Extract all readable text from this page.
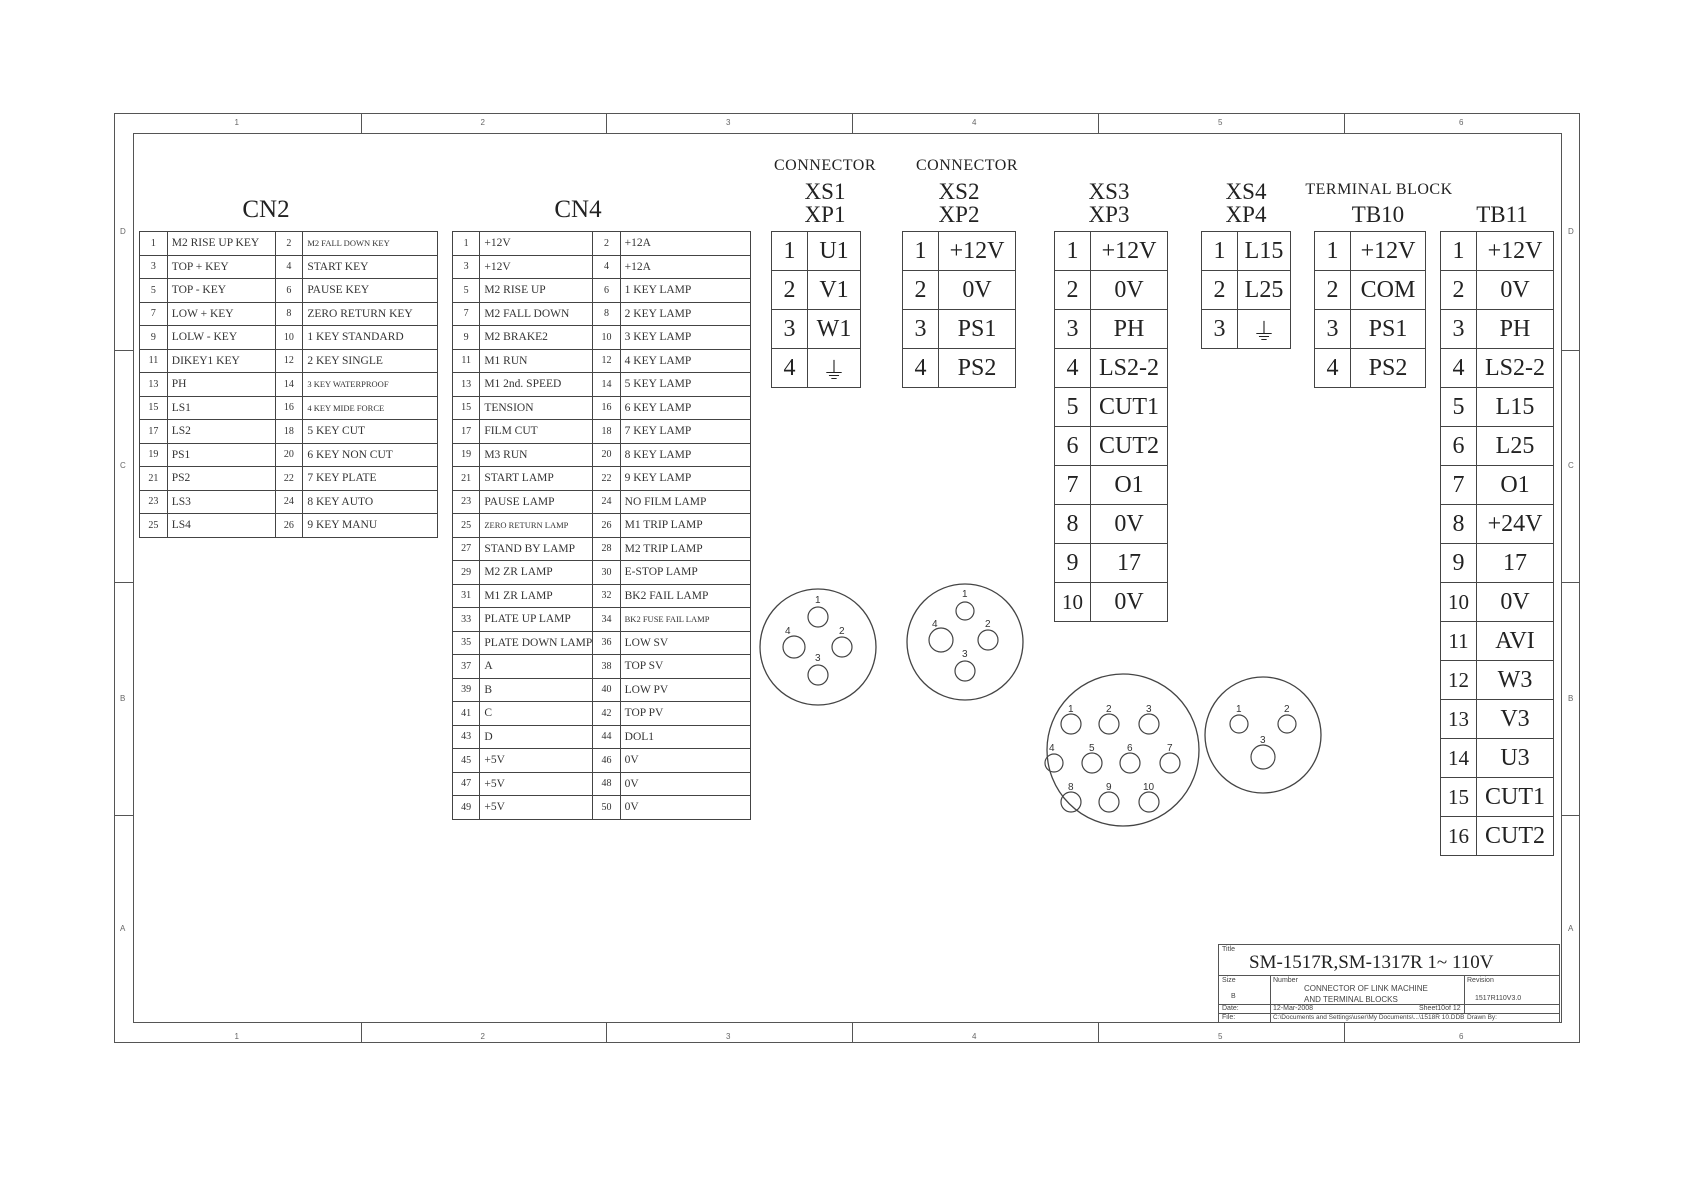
1
1
2
2
3
3
4
4
5
5
6
6
D	D
C	C
B	B
A	A
CN2
1	M2 RISE UP KEY	2	M2 FALL DOWN KEY
3	TOP + KEY	4	START KEY
5	TOP - KEY	6	PAUSE KEY
7	LOW + KEY	8	ZERO RETURN KEY
9	LOLW - KEY	10	1 KEY STANDARD
11	DIKEY1 KEY	12	2 KEY SINGLE
13	PH	14	3 KEY WATERPROOF
15	LS1	16	4 KEY MIDE FORCE
17	LS2	18	5 KEY CUT
19	PS1	20	6 KEY NON CUT
21	PS2	22	7 KEY PLATE
23	LS3	24	8 KEY AUTO
25	LS4	26	9 KEY MANU
CN4
1	+12V	2	+12A
3	+12V	4	+12A
5	M2 RISE UP	6	1 KEY LAMP
7	M2 FALL DOWN	8	2 KEY LAMP
9	M2 BRAKE2	10	3 KEY LAMP
11	M1 RUN	12	4 KEY LAMP
13	M1 2nd. SPEED	14	5 KEY LAMP
15	TENSION	16	6 KEY LAMP
17	FILM CUT	18	7 KEY LAMP
19	M3 RUN	20	8 KEY LAMP
21	START LAMP	22	9 KEY LAMP
23	PAUSE LAMP	24	NO FILM LAMP
25	ZERO RETURN LAMP	26	M1 TRIP LAMP
27	STAND BY LAMP	28	M2 TRIP LAMP
29	M2 ZR LAMP	30	E-STOP LAMP
31	M1 ZR LAMP	32	BK2 FAIL LAMP
33	PLATE UP LAMP	34	BK2 FUSE FAIL LAMP
35	PLATE DOWN LAMP	36	LOW SV
37	A	38	TOP SV
39	B	40	LOW PV
41	C	42	TOP PV
43	D	44	DOL1
45	+5V	46	0V
47	+5V	48	0V
49	+5V	50	0V
CONNECTOR
XS1
XP1
1	U1
2	V1
3	W1
4	⏚
CONNECTOR
XS2
XP2
1	+12V
2	0V
3	PS1
4	PS2
XS3
XP3
1	+12V
2	0V
3	PH
4	LS2-2
5	CUT1
6	CUT2
7	O1
8	0V
9	17
10	0V
XS4
XP4
1	L15
2	L25
3	⏚
TERMINAL BLOCK
TB10
1	+12V
2	COM
3	PS1
4	PS2
TB11
1	+12V
2	0V
3	PH
4	LS2-2
5	L15
6	L25
7	O1
8	+24V
9	17
10	0V
11	AVI
12	W3
13	V3
14	U3
15	CUT1
16	CUT2
1
2
3
4
1
2
3
4
1	2	3
4	5	6	7
8	9	10
1	2
3
Title
SM-1517R,SM-1317R 1~ 110V
Size
B
Number
CONNECTOR OF LINK MACHINE
AND TERMINAL BLOCKS
Revision
1517R110V3.0
Date:	12-Mar-2008	Sheet10of 12
File:	C:\Documents and Settings\user\My Documents\...\1518R 10.DDB Drawn By:
